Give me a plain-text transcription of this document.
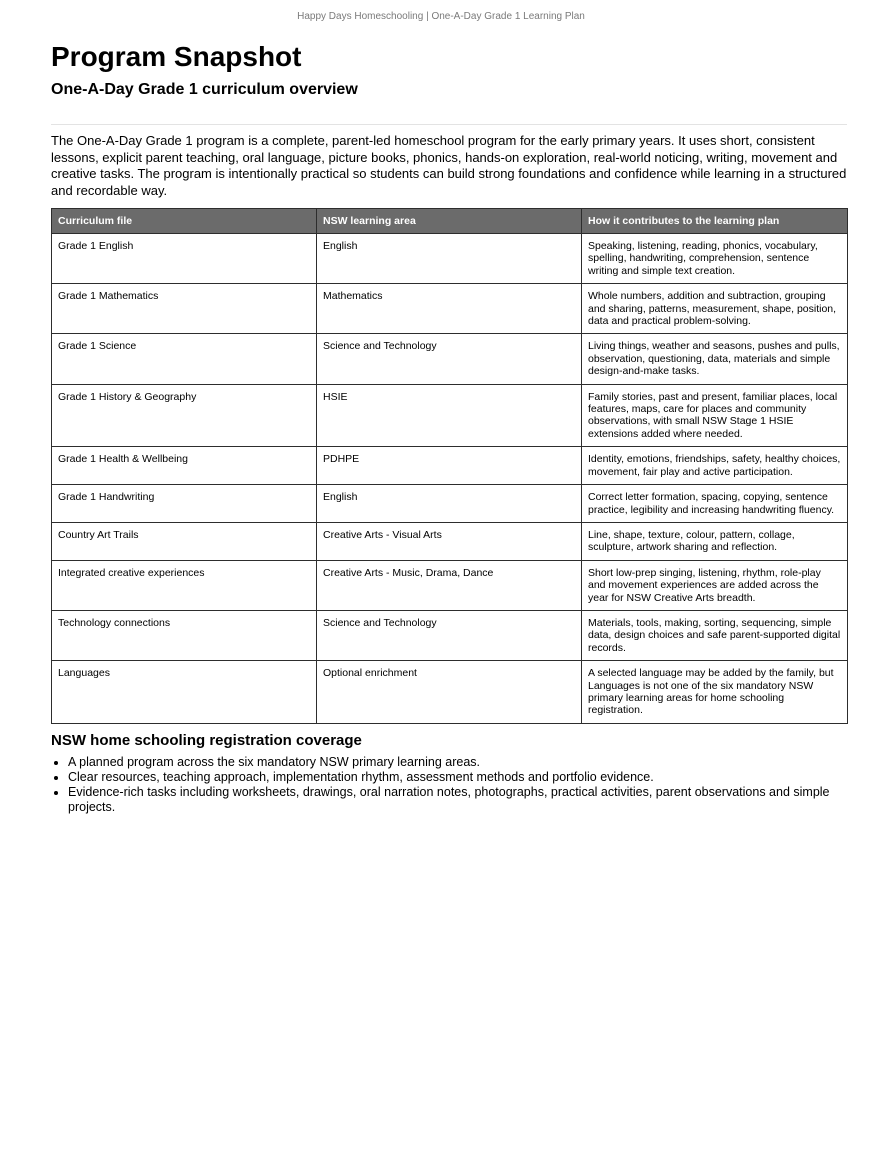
Happy Days Homeschooling | One-A-Day Grade 1 Learning Plan
Program Snapshot
One-A-Day Grade 1 curriculum overview

The One-A-Day Grade 1 program is a complete, parent-led homeschool program for the early primary years. It uses short, consistent lessons, explicit parent teaching, oral language, picture books, phonics, hands-on exploration, real-world noticing, writing, movement and creative tasks. The program is intentionally practical so students can build strong foundations and confidence while learning in a structured and recordable way.

Curriculum file	NSW learning area	How it contributes to the learning plan
Grade 1 English	English	Speaking, listening, reading, phonics, vocabulary, spelling, handwriting, comprehension, sentence writing and simple text creation.
Grade 1 Mathematics	Mathematics	Whole numbers, addition and subtraction, grouping and sharing, patterns, measurement, shape, position, data and practical problem-solving.
Grade 1 Science	Science and Technology	Living things, weather and seasons, pushes and pulls, observation, questioning, data, materials and simple design-and-make tasks.
Grade 1 History & Geography	HSIE	Family stories, past and present, familiar places, local features, maps, care for places and community observations, with small NSW Stage 1 HSIE extensions added where needed.
Grade 1 Health & Wellbeing	PDHPE	Identity, emotions, friendships, safety, healthy choices, movement, fair play and active participation.
Grade 1 Handwriting	English	Correct letter formation, spacing, copying, sentence practice, legibility and increasing handwriting fluency.
Country Art Trails	Creative Arts - Visual Arts	Line, shape, texture, colour, pattern, collage, sculpture, artwork sharing and reflection.
Integrated creative experiences	Creative Arts - Music, Drama, Dance	Short low-prep singing, listening, rhythm, role-play and movement experiences are added across the year for NSW Creative Arts breadth.
Technology connections	Science and Technology	Materials, tools, making, sorting, sequencing, simple data, design choices and safe parent-supported digital records.
Languages	Optional enrichment	A selected language may be added by the family, but Languages is not one of the six mandatory NSW primary learning areas for home schooling registration.
NSW home schooling registration coverage
• A planned program across the six mandatory NSW primary learning areas.
• Clear resources, teaching approach, implementation rhythm, assessment methods and portfolio evidence.
• Evidence-rich tasks including worksheets, drawings, oral narration notes, photographs, practical activities, parent observations and simple projects.
